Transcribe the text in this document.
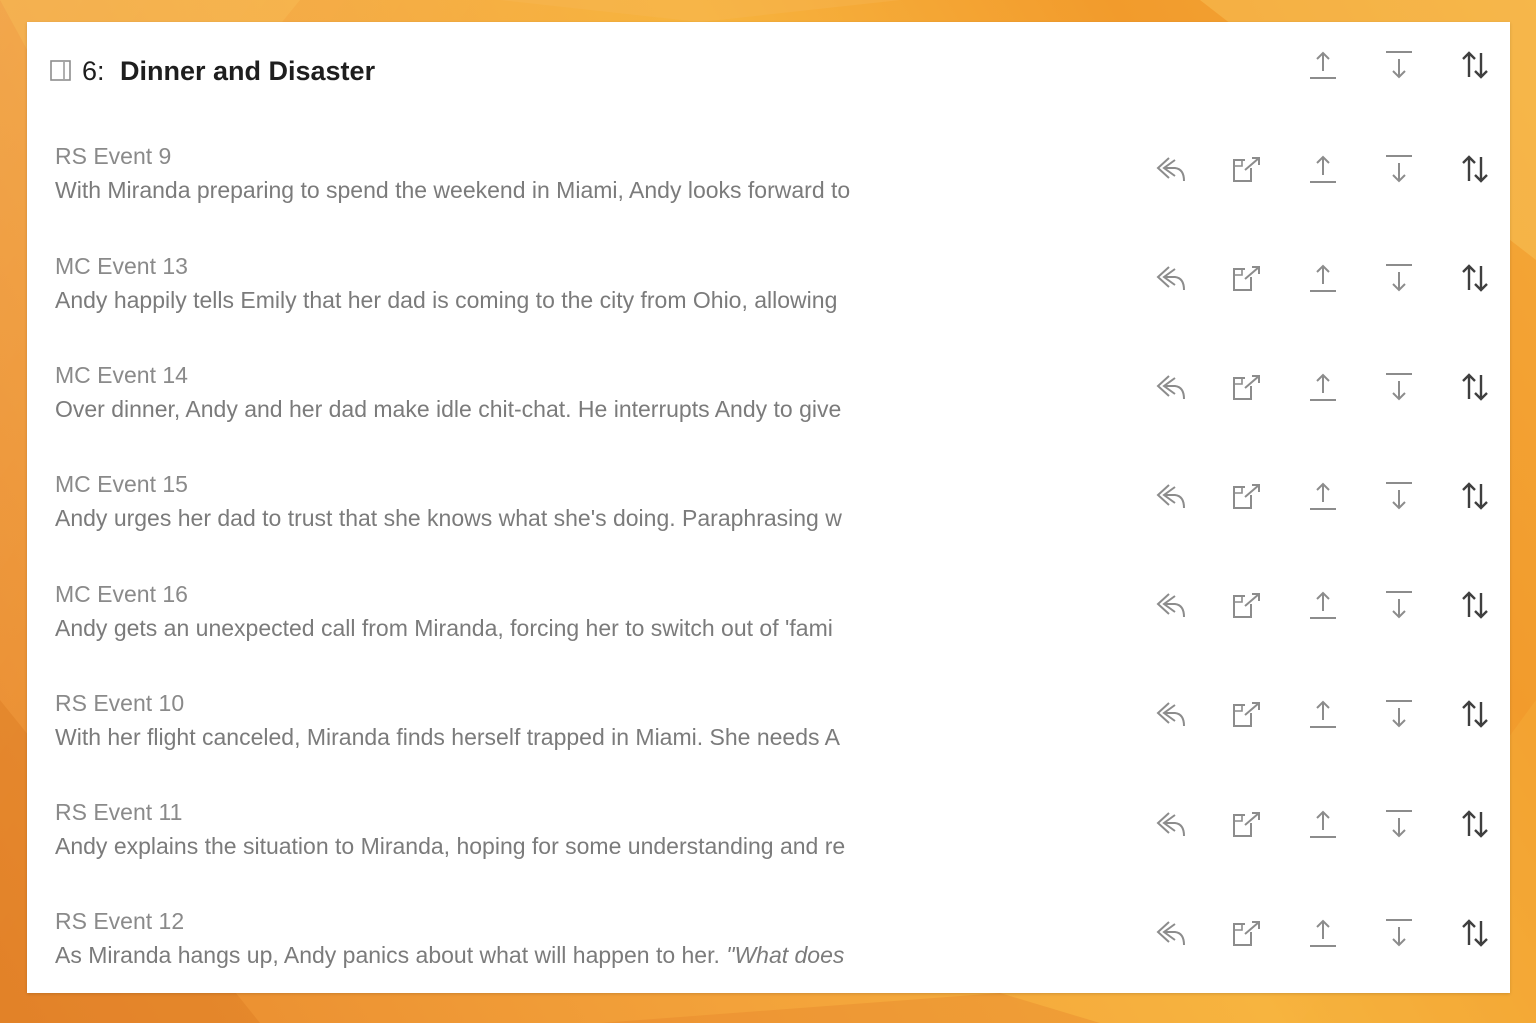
6: Dinner and Disaster
RS Event 9
With Miranda preparing to spend the weekend in Miami, Andy looks forward to
MC Event 13
Andy happily tells Emily that her dad is coming to the city from Ohio, allowing
MC Event 14
Over dinner, Andy and her dad make idle chit-chat. He interrupts Andy to give
MC Event 15
Andy urges her dad to trust that she knows what she's doing. Paraphrasing w
MC Event 16
Andy gets an unexpected call from Miranda, forcing her to switch out of 'fami
RS Event 10
With her flight canceled, Miranda finds herself trapped in Miami. She needs A
RS Event 11
Andy explains the situation to Miranda, hoping for some understanding and re
RS Event 12
As Miranda hangs up, Andy panics about what will happen to her. "What does
